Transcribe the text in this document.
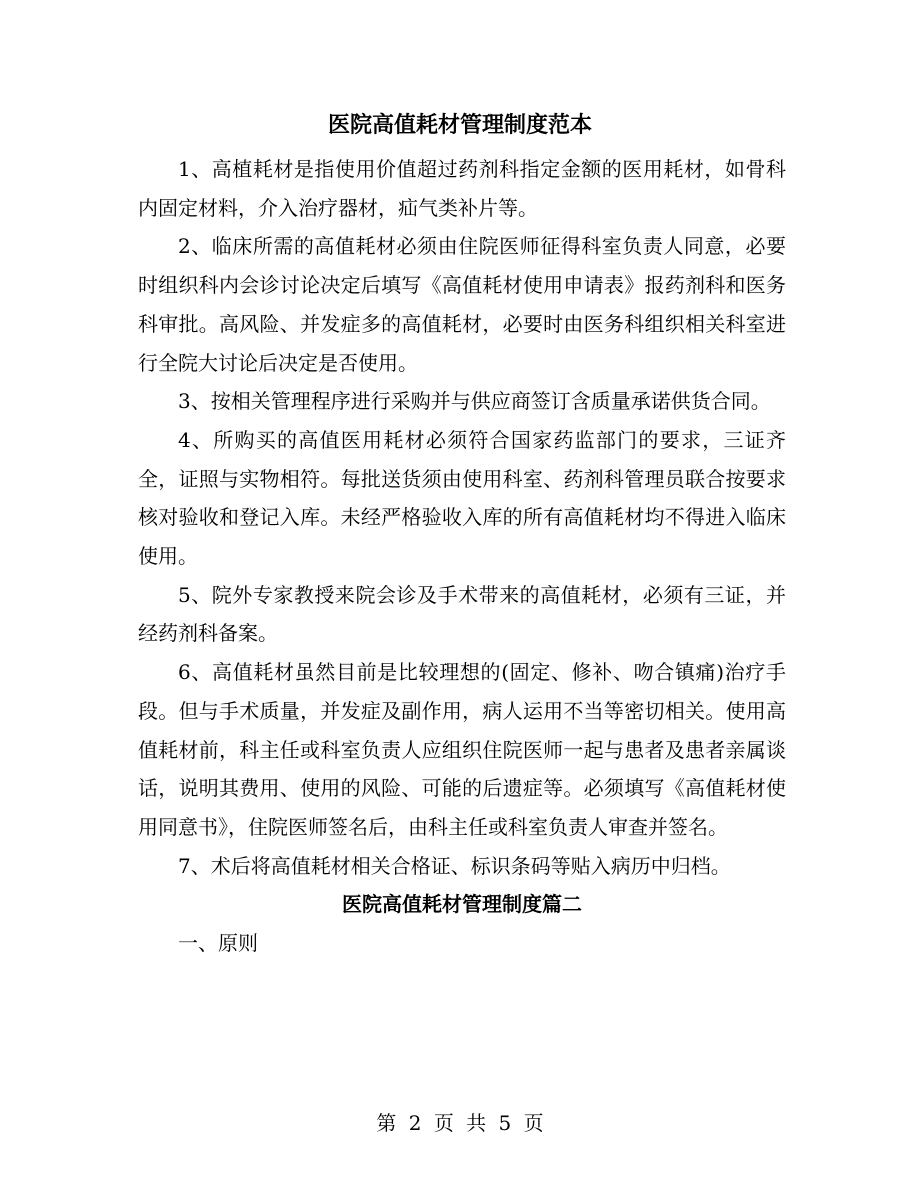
医院高值耗材管理制度范本

1、高植耗材是指使用价值超过药剂科指定金额的医用耗材，如骨科内固定材料，介入治疗器材，疝气类补片等。

2、临床所需的高值耗材必须由住院医师征得科室负责人同意，必要时组织科内会诊讨论决定后填写《高值耗材使用申请表》报药剂科和医务科审批。高风险、并发症多的高值耗材，必要时由医务科组织相关科室进行全院大讨论后决定是否使用。

3、按相关管理程序进行采购并与供应商签订含质量承诺供货合同。

4、所购买的高值医用耗材必须符合国家药监部门的要求，三证齐全，证照与实物相符。每批送货须由使用科室、药剂科管理员联合按要求核对验收和登记入库。未经严格验收入库的所有高值耗材均不得进入临床使用。

5、院外专家教授来院会诊及手术带来的高值耗材，必须有三证，并经药剂科备案。

6、高值耗材虽然目前是比较理想的(固定、修补、吻合镇痛)治疗手段。但与手术质量，并发症及副作用，病人运用不当等密切相关。使用高值耗材前，科主任或科室负责人应组织住院医师一起与患者及患者亲属谈话，说明其费用、使用的风险、可能的后遗症等。必须填写《高值耗材使用同意书》，住院医师签名后，由科主任或科室负责人审查并签名。

7、术后将高值耗材相关合格证、标识条码等贴入病历中归档。

医院高值耗材管理制度篇二

一、原则

第 2 页 共 5 页
